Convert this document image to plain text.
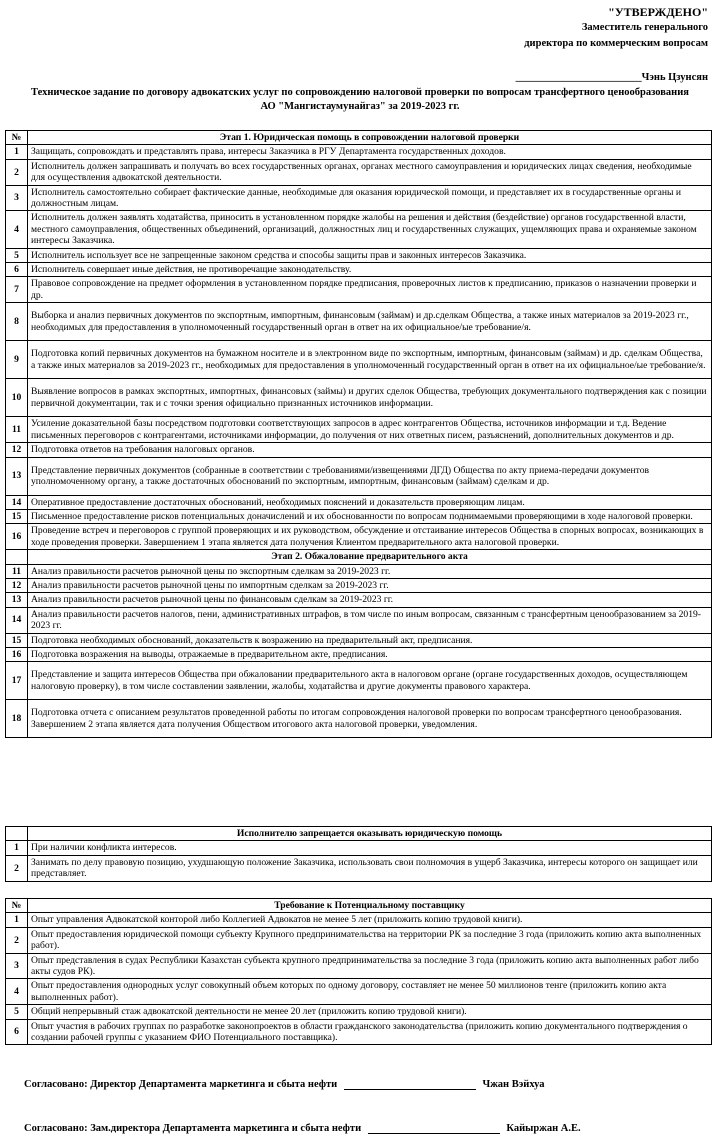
"УТВЕРЖДЕНО"
Заместитель генерального
директора по коммерческим вопросам
________________________Чэнь Цзунсян
Техническое задание по договору адвокатских услуг по сопровождению налоговой проверки по вопросам трансфертного ценообразования
АО "Мангистаумунайгаз" за 2019-2023 гг.
№	Этап 1. Юридическая помощь в сопровождении налоговой проверки
1	Защищать, сопровождать и представлять права, интересы Заказчика в РГУ Департамента государственных доходов.
2	Исполнитель должен запрашивать и получать во всех государственных органах, органах местного самоуправления и юридических лицах сведения, необходимые для осуществления адвокатской деятельности.
3	Исполнитель самостоятельно собирает фактические данные, необходимые для оказания юридической помощи, и представляет их в государственные органы и должностным лицам.
4	Исполнитель должен заявлять ходатайства, приносить в установленном порядке жалобы на решения и действия (бездействие) органов государственной власти, местного самоуправления, общественных объединений, организаций, должностных лиц и государственных служащих, ущемляющих права и охраняемые законом интересы Заказчика.
5	Исполнитель использует все не запрещенные законом средства и способы защиты прав и законных интересов Заказчика.
6	Исполнитель совершает иные действия, не противоречащие законодательству.
7	Правовое сопровождение на предмет оформления в установленном порядке предписания, проверочных листов к предписанию, приказов о назначении проверки и др.
8	Выборка и анализ первичных документов по экспортным, импортным, финансовым (займам) и др.сделкам Общества, а также иных материалов за 2019-2023 гг., необходимых для предоставления в уполномоченный государственный орган в ответ на их официальное/ые требование/я.
9	Подготовка копий первичных документов на бумажном носителе и в электронном виде по экспортным, импортным, финансовым (займам) и др. сделкам Общества, а также иных материалов за 2019-2023 гг., необходимых для предоставления в уполномоченный государственный орган в ответ на их официальное/ые требование/я.
10	Выявление вопросов в рамках экспортных, импортных, финансовых (займы) и других сделок Общества, требующих документального подтверждения как с позиции первичной документации, так и с точки зрения официально признанных источников информации.
11	Усиление доказательной базы посредством подготовки соответствующих запросов в адрес контрагентов Общества, источников информации и т.д. Ведение письменных переговоров с контрагентами, источниками информации, до получения от них ответных писем, разъяснений, дополнительных документов и др.
12	Подготовка ответов на требования налоговых органов.
13	Представление первичных документов (собранные в соответствии с требованиями/извещениями ДГД) Общества по акту приема-передачи документов уполномоченному органу, а также достаточных обоснований по экспортным, импортным, финансовым (займам) сделкам и др.
14	Оперативное предоставление достаточных обоснований, необходимых пояснений и доказательств проверяющим лицам.
15	Письменное предоставление рисков потенциальных доначислений и их обоснованности по вопросам поднимаемыми проверяющими в ходе налоговой проверки.
16	Проведение встреч и переговоров с группой проверяющих и их руководством, обсуждение и отстаивание интересов Общества в спорных вопросах, возникающих в ходе проведения проверки. Завершением 1 этапа является дата получения Клиентом предварительного акта налоговой проверки.
	Этап 2. Обжалование предварительного акта
11	Анализ правильности расчетов рыночной цены по экспортным сделкам за 2019-2023 гг.
12	Анализ правильности расчетов рыночной цены по импортным сделкам за 2019-2023 гг.
13	Анализ правильности расчетов рыночной цены по финансовым сделкам за 2019-2023 гг.
14	Анализ правильности расчетов налогов, пени, административных штрафов, в том числе по иным вопросам, связанным с трансфертным ценообразованием за 2019-2023 гг.
15	Подготовка необходимых обоснований, доказательств к возражению на предварительный акт, предписания.
16	Подготовка возражения на выводы, отражаемые в предварительном акте, предписания.
17	Представление и защита интересов Общества при обжаловании предварительного акта в налоговом органе (органе государственных доходов, осуществляющем налоговую проверку), в том числе составлении заявлении, жалобы, ходатайства и другие документы правового характера.
18	Подготовка отчета с описанием результатов проведенной работы по итогам сопровождения налоговой проверки по вопросам трансфертного ценообразования. Завершением 2 этапа является дата получения Обществом итогового акта налоговой проверки, уведомления.
	Исполнителю запрещается оказывать юридическую помощь
1	При наличии конфликта интересов.
2	Занимать по делу правовую позицию, ухудшающую положение Заказчика, использовать свои полномочия в ущерб Заказчика, интересы которого он защищает или представляет.
№	Требование к Потенциальному поставщику
1	Опыт управления Адвокатской конторой либо Коллегией Адвокатов не менее 5 лет (приложить копию трудовой книги).
2	Опыт предоставления юридической помощи субъекту Крупного предпринимательства на территории РК за последние 3 года (приложить копию акта выполненных работ).
3	Опыт представления в судах Республики Казахстан субъекта крупного предпринимательства за последние 3 года (приложить копию акта выполненных работ либо акты судов РК).
4	Опыт предоставления однородных услуг совокупный объем которых по одному договору, составляет не менее 50 миллионов тенге (приложить копию акта выполненных работ).
5	Общий непрерывный стаж адвокатской деятельности не менее 20 лет (приложить копию трудовой книги).
6	Опыт участия в рабочих группах по разработке законопроектов в области гражданского законодательства (приложить копию документального подтверждения о создании рабочей группы с указанием ФИО Потенциального поставщика).
Согласовано: Директор Департамента маркетинга и сбыта нефти	Чжан Вэйхуа
Согласовано: Зам.директора Департамента маркетинга и сбыта нефти	Кайыржан А.Е.
